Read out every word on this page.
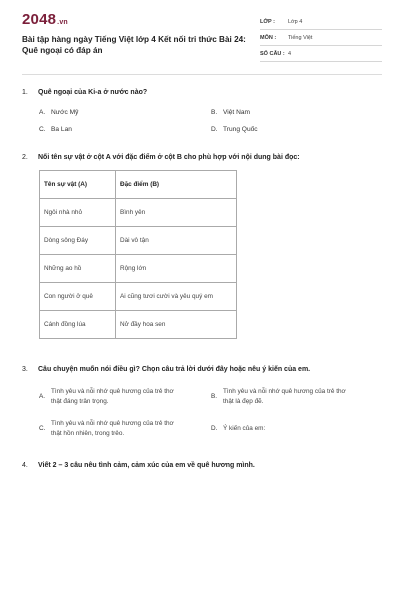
2048.vn
Bài tập hàng ngày Tiếng Việt lớp 4 Kết nối tri thức Bài 24:
Quê ngoại có đáp án
LỚP :	Lớp 4
MÔN :	Tiếng Việt
SỐ CÂU : 4
1.	Quê ngoại của Ki-a ở nước nào?
A. Nước Mỹ	B. Việt Nam
C. Ba Lan	D. Trung Quốc
2.	Nối tên sự vật ở cột A với đặc điểm ở cột B cho phù hợp với nội dung bài đọc:
Tên sự vật (A)	Đặc điểm (B)
Ngôi nhà nhỏ	Bình yên
Dòng sông Đáy	Dài vô tận
Những ao hồ	Rộng lớn
Con người ở quê	Ai cũng tươi cười và yêu quý em
Cánh đồng lúa	Nở đầy hoa sen
3.	Câu chuyện muốn nói điều gì? Chọn câu trả lời dưới đây hoặc nêu ý kiến của em.
A.
Tình yêu và nỗi nhớ quê hương của trẻ thơ
thật đáng trân trọng.
B.
Tình yêu và nỗi nhớ quê hương của trẻ thơ
thật là đẹp đẽ.
C.
Tình yêu và nỗi nhớ quê hương của trẻ thơ
thật hồn nhiên, trong trẻo.
D. Ý kiến của em:
4.	Viết 2 – 3 câu nêu tình cảm, cảm xúc của em về quê hương mình.
